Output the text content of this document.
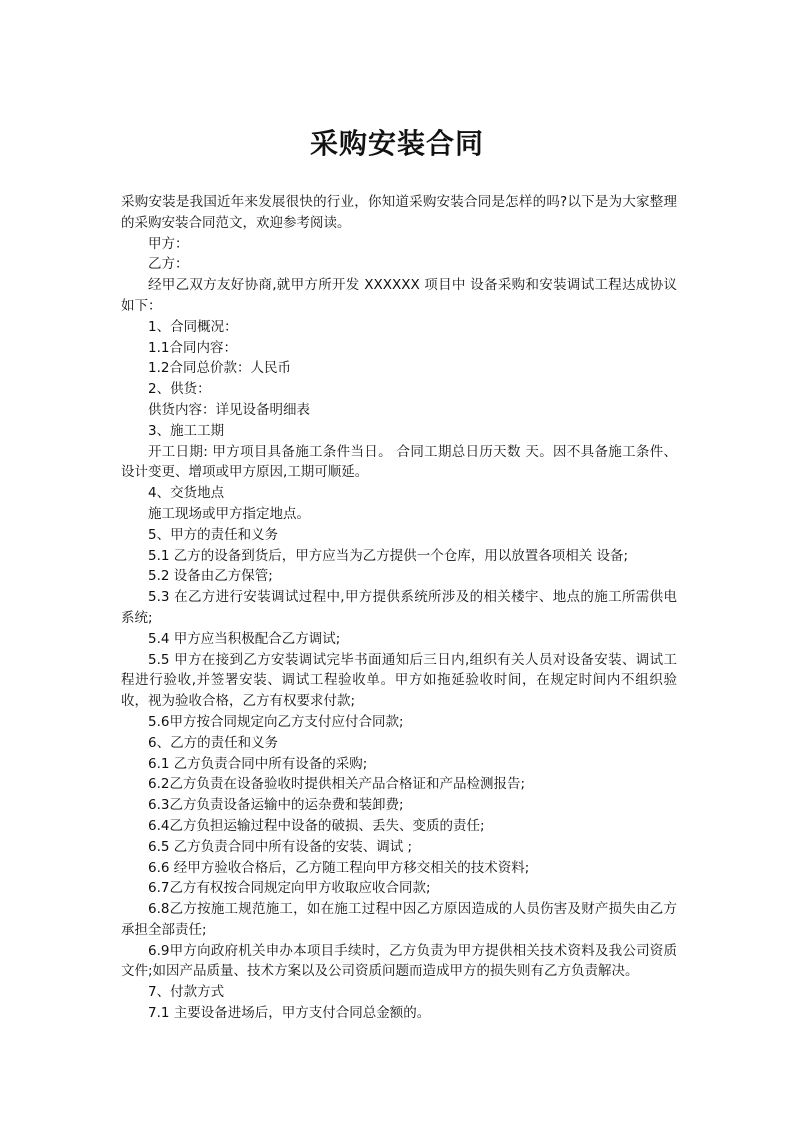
采购安装合同

采购安装是我国近年来发展很快的行业，你知道采购安装合同是怎样的吗?以下是为大家整理的采购安装合同范文，欢迎参考阅读。

甲方：

乙方：

经甲乙双方友好协商,就甲方所开发 XXXXXX 项目中 设备采购和安装调试工程达成协议如下：

1、合同概况：

1.1合同内容：

1.2合同总价款：人民币

2、供货：

供货内容：详见设备明细表

3、施工工期

开工日期: 甲方项目具备施工条件当日。 合同工期总日历天数 天。因不具备施工条件、设计变更、增项或甲方原因,工期可顺延。

4、交货地点

施工现场或甲方指定地点。

5、甲方的责任和义务

5.1 乙方的设备到货后，甲方应当为乙方提供一个仓库，用以放置各项相关 设备;

5.2 设备由乙方保管;

5.3 在乙方进行安装调试过程中,甲方提供系统所涉及的相关楼宇、地点的施工所需供电系统;

5.4 甲方应当积极配合乙方调试;

5.5 甲方在接到乙方安装调试完毕书面通知后三日内,组织有关人员对设备安装、调试工程进行验收,并签署安装、调试工程验收单。甲方如拖延验收时间，在规定时间内不组织验收，视为验收合格，乙方有权要求付款;

5.6甲方按合同规定向乙方支付应付合同款;

6、乙方的责任和义务

6.1 乙方负责合同中所有设备的采购;

6.2乙方负责在设备验收时提供相关产品合格证和产品检测报告;

6.3乙方负责设备运输中的运杂费和装卸费;

6.4乙方负担运输过程中设备的破损、丢失、变质的责任;

6.5 乙方负责合同中所有设备的安装、调试 ;

6.6 经甲方验收合格后，乙方随工程向甲方移交相关的技术资料;

6.7乙方有权按合同规定向甲方收取应收合同款;

6.8乙方按施工规范施工，如在施工过程中因乙方原因造成的人员伤害及财产损失由乙方承担全部责任;

6.9甲方向政府机关申办本项目手续时，乙方负责为甲方提供相关技术资料及我公司资质文件;如因产品质量、技术方案以及公司资质问题而造成甲方的损失则有乙方负责解决。

7、付款方式

7.1 主要设备进场后，甲方支付合同总金额的。
